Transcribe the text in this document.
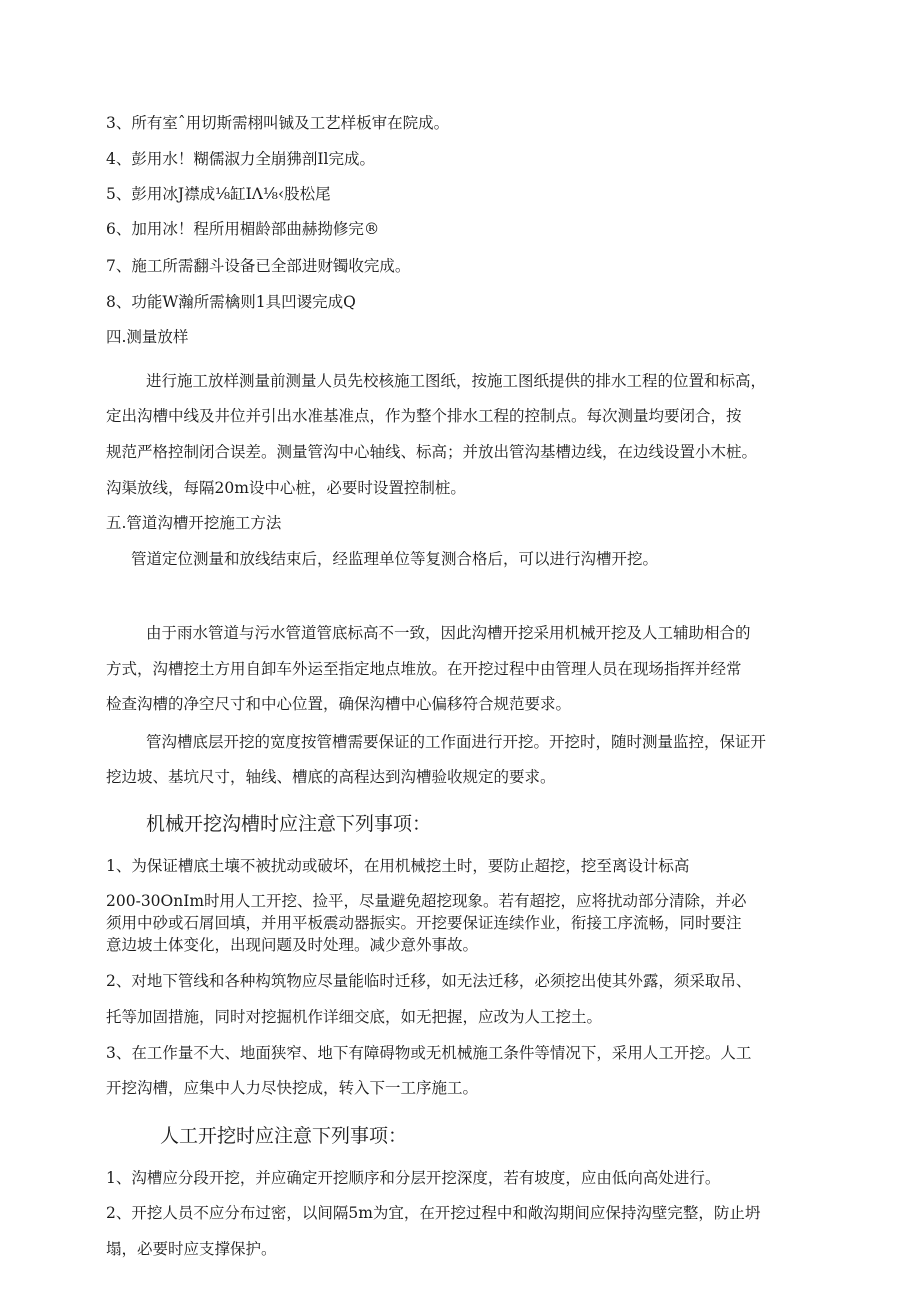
3、所有室ˆ用切斯需栩叫铖及工艺样板审在院成。
4、彭用水！糊儒淑力全崩狒剖Il完成。
5、彭用冰J襟成⅛缸IΛ⅛‹股松尾
6、加用冰！程所用楣龄部曲赫拗修完®
7、施工所需翻斗设备已全部进财镯收完成。
8、功能W瀚所需檎则1具凹谡完成Q
四.测量放样
进行施工放样测量前测量人员先校核施工图纸，按施工图纸提供的排水工程的位置和标高，
定出沟槽中线及井位并引出水准基准点，作为整个排水工程的控制点。每次测量均要闭合，按
规范严格控制闭合误差。测量管沟中心轴线、标高；并放出管沟基槽边线，在边线设置小木桩。
沟渠放线，每隔20m设中心桩，必要时设置控制桩。
五.管道沟槽开挖施工方法
管道定位测量和放线结束后，经监理单位等复测合格后，可以进行沟槽开挖。
由于雨水管道与污水管道管底标高不一致，因此沟槽开挖采用机械开挖及人工辅助相合的
方式，沟槽挖土方用自卸车外运至指定地点堆放。在开挖过程中由管理人员在现场指挥并经常
检查沟槽的净空尺寸和中心位置，确保沟槽中心偏移符合规范要求。
管沟槽底层开挖的宽度按管槽需要保证的工作面进行开挖。开挖时，随时测量监控，保证开
挖边坡、基坑尺寸，轴线、槽底的高程达到沟槽验收规定的要求。
机械开挖沟槽时应注意下列事项：
1、为保证槽底土壤不被扰动或破坏，在用机械挖土时，要防止超挖，挖至离设计标高
200-30OnIm时用人工开挖、捡平，尽量避免超挖现象。若有超挖，应将扰动部分清除，并必
须用中砂或石屑回填，并用平板震动器振实。开挖要保证连续作业，衔接工序流畅，同时要注
意边坡土体变化，出现问题及时处理。减少意外事故。
2、对地下管线和各种构筑物应尽量能临时迁移，如无法迁移，必须挖出使其外露，须采取吊、
托等加固措施，同时对挖掘机作详细交底，如无把握，应改为人工挖土。
3、在工作量不大、地面狭窄、地下有障碍物或无机械施工条件等情况下，采用人工开挖。人工
开挖沟槽，应集中人力尽快挖成，转入下一工序施工。
人工开挖时应注意下列事项：
1、沟槽应分段开挖，并应确定开挖顺序和分层开挖深度，若有坡度，应由低向高处进行。
2、开挖人员不应分布过密，以间隔5m为宜，在开挖过程中和敞沟期间应保持沟壁完整，防止坍
塌，必要时应支撑保护。
